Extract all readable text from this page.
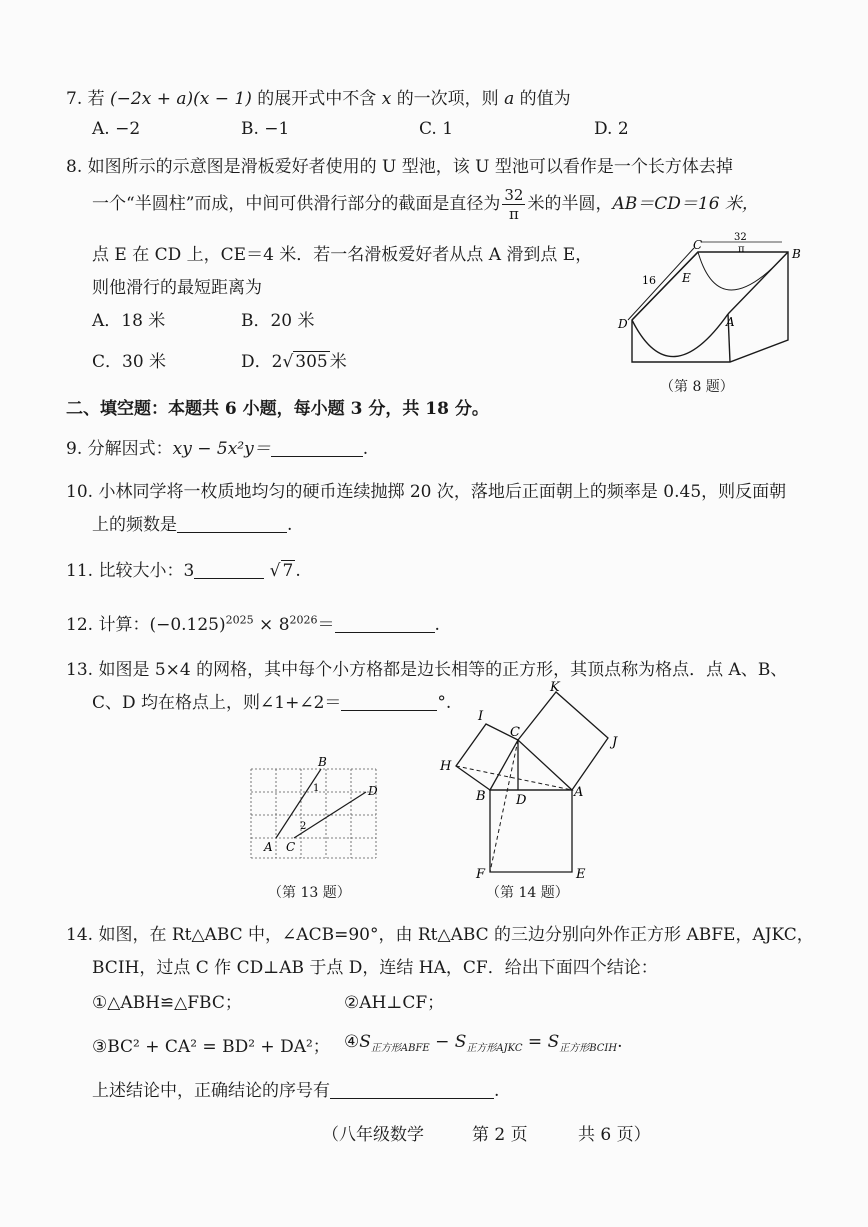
7. 若 (−2x + a)(x − 1) 的展开式中不含 x 的一次项，则 a 的值为
A. −2	B. −1	C. 1	D. 2
8. 如图所示的示意图是滑板爱好者使用的 U 型池，该 U 型池可以看作是一个长方体去掉
一个“半圆柱”而成，中间可供滑行部分的截面是直径为 $\frac{32}{\pi}$ 米的半圆，AB＝CD＝16 米，
点 E 在 CD 上，CE＝4 米．若一名滑板爱好者从点 A 滑到点 E，
则他滑行的最短距离为
A．18 米	B．20 米
C．30 米	D．2√ 305 米
C
E
B
D	A
16
32
π
（第 8 题）
二、填空题：本题共 6 小题，每小题 3 分，共 18 分。
9. 分解因式：xy − 5x²y＝	.
10. 小林同学将一枚质地均匀的硬币连续抛掷 20 次，落地后正面朝上的频率是 0.45，则反面朝
上的频数是	.
11. 比较大小：3	√ 7 .
12. 计算：$(-0.125)^{2025} \times 8^{2026}=$	.
13. 如图是 5×4 的网格，其中每个小方格都是边长相等的正方形，其顶点称为格点．点 A、B、
C、D 均在格点上，则∠1+∠2＝	°.
A
B
C
D
1
2
（第 13 题）
K
I
C
J
H
B D
A
F	E
（第 14 题）
14. 如图，在 Rt△ABC 中，∠ACB=90°，由 Rt△ABC 的三边分别向外作正方形 ABFE，AJKC，
BCIH，过点 C 作 CD⊥AB 于点 D，连结 HA，CF．给出下面四个结论：
①△ABH≌△FBC；	②AH⊥CF；
③BC² + CA² = BD² + DA²； $④S_{正方形ABFE} - S_{正方形AJKC} = S_{正方形BCIH}$.
上述结论中，正确结论的序号有	.
（八年级数学	第 2 页	共 6 页）
